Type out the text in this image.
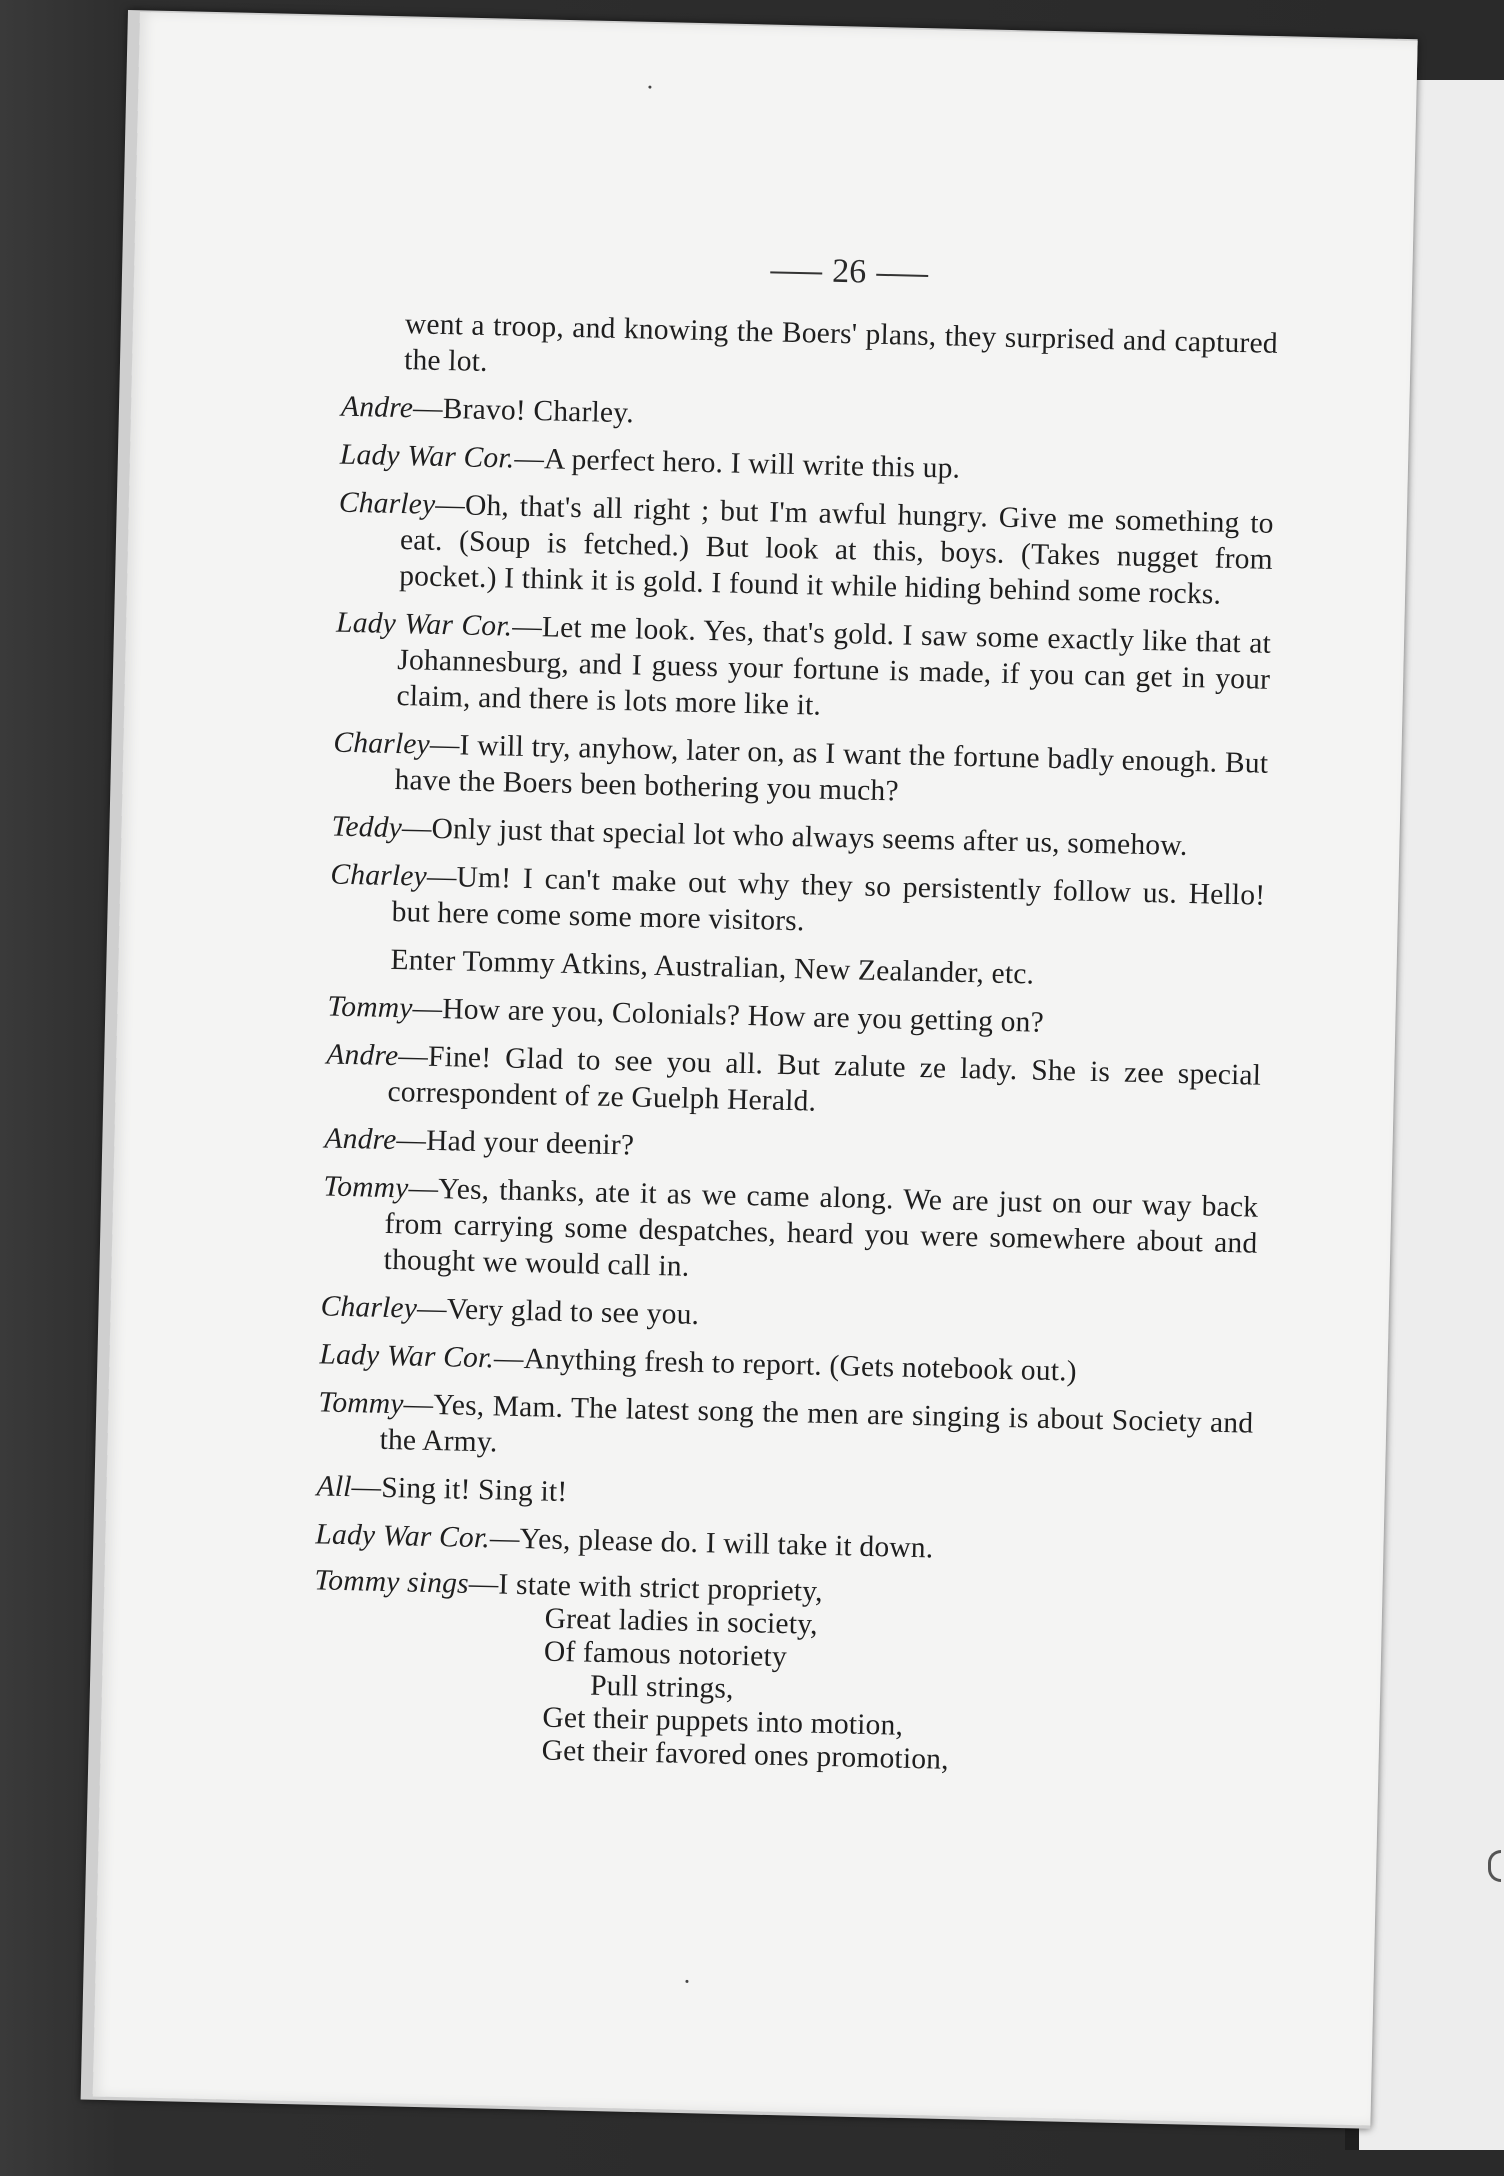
26

went a troop, and knowing the Boers' plans, they surprised and captured the lot.

Andre—Bravo! Charley.

Lady War Cor.—A perfect hero. I will write this up.

Charley—Oh, that's all right ; but I'm awful hungry. Give me something to eat. (Soup is fetched.) But look at this, boys. (Takes nugget from pocket.) I think it is gold. I found it while hiding behind some rocks.

Lady War Cor.—Let me look. Yes, that's gold. I saw some exactly like that at Johannesburg, and I guess your fortune is made, if you can get in your claim, and there is lots more like it.

Charley—I will try, anyhow, later on, as I want the fortune badly enough. But have the Boers been bothering you much?

Teddy—Only just that special lot who always seems after us, somehow.

Charley—Um! I can't make out why they so persistently follow us. Hello! but here come some more visitors.

Enter Tommy Atkins, Australian, New Zealander, etc.

Tommy—How are you, Colonials? How are you getting on?

Andre—Fine! Glad to see you all. But zalute ze lady. She is zee special correspondent of ze Guelph Herald.

Andre—Had your deenir?

Tommy—Yes, thanks, ate it as we came along. We are just on our way back from carrying some despatches, heard you were somewhere about and thought we would call in.

Charley—Very glad to see you.

Lady War Cor.—Anything fresh to report. (Gets notebook out.)

Tommy—Yes, Mam. The latest song the men are singing is about Society and the Army.

All—Sing it! Sing it!

Lady War Cor.—Yes, please do. I will take it down.

Tommy sings—I state with strict propriety,
Great ladies in society,
Of famous notoriety
Pull strings,
Get their puppets into motion,
Get their favored ones promotion,
